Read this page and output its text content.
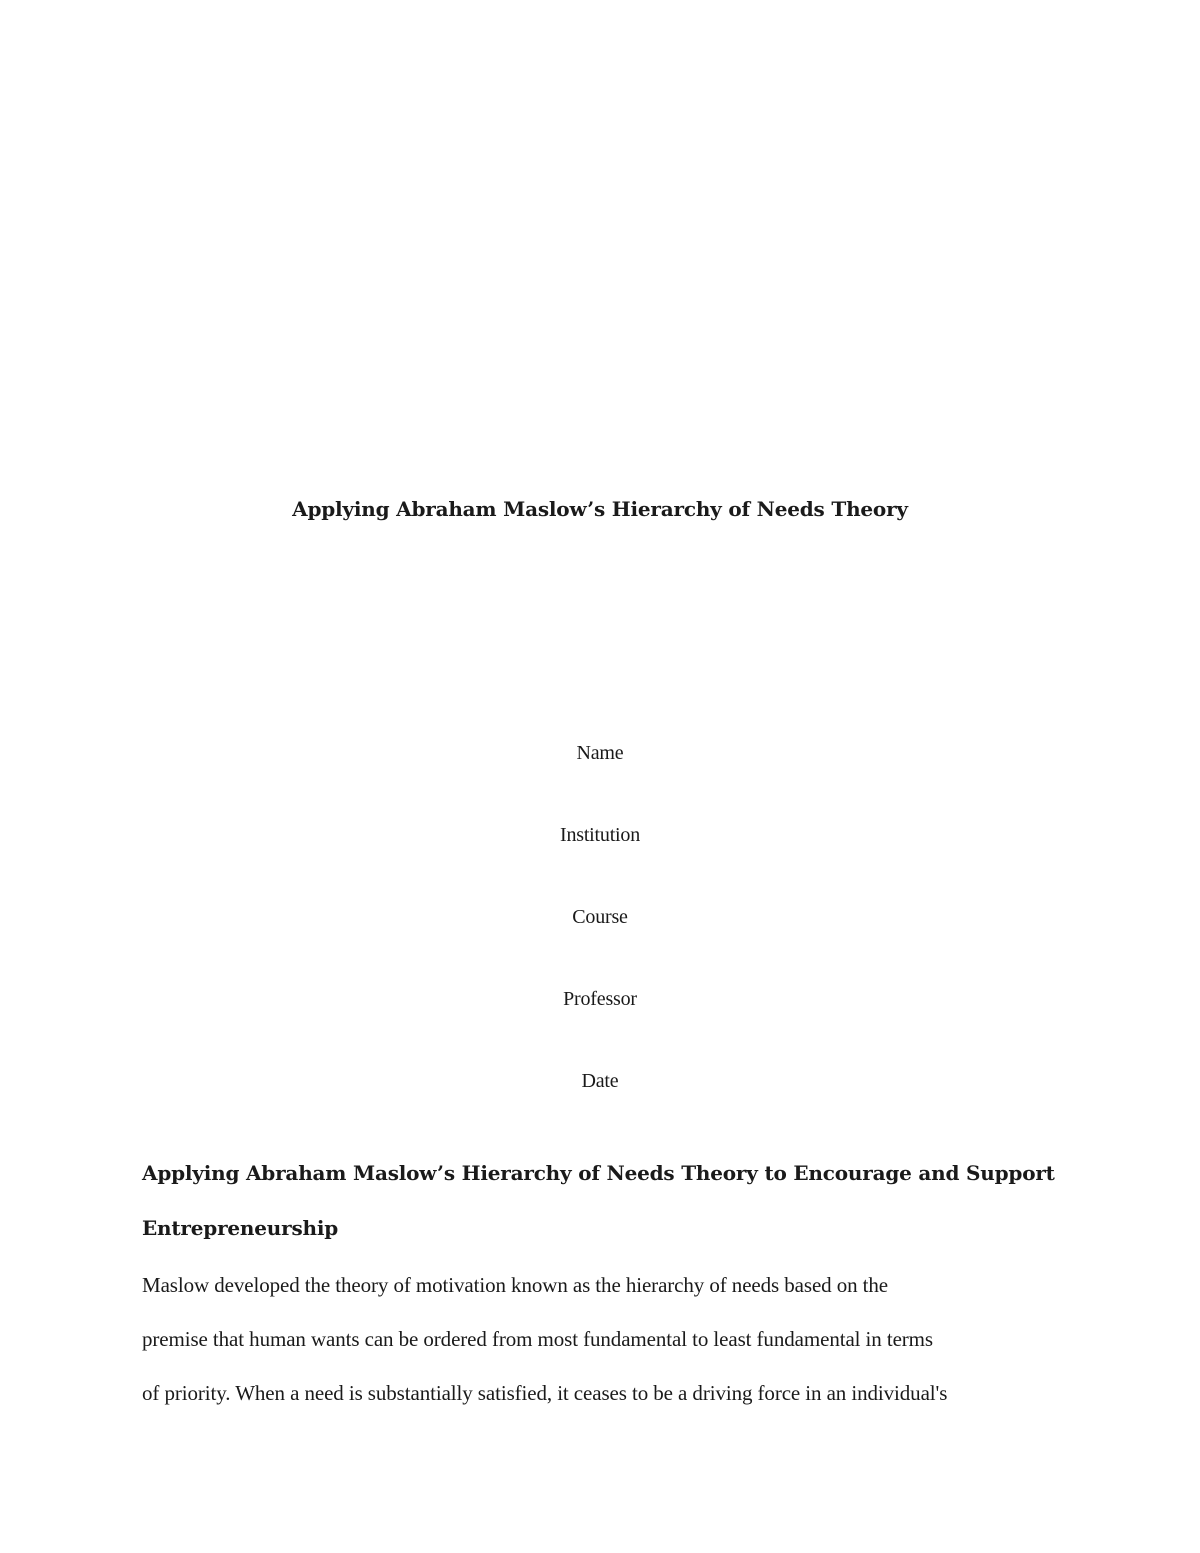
Applying Abraham Maslow’s Hierarchy of Needs Theory
Name
Institution
Course
Professor
Date
Applying Abraham Maslow’s Hierarchy of Needs Theory to Encourage and Support Entrepreneurship

Maslow developed the theory of motivation known as the hierarchy of needs based on the
premise that human wants can be ordered from most fundamental to least fundamental in terms
of priority. When a need is substantially satisfied, it ceases to be a driving force in an individual's
